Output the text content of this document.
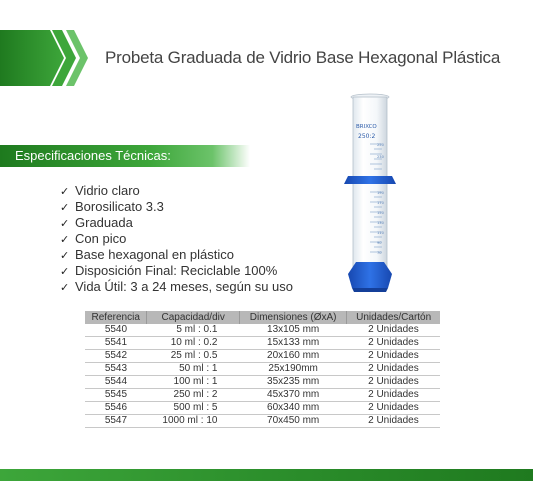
Probeta Graduada de Vidrio Base Hexagonal Plástica
Especificaciones Técnicas:
✓ Vidrio claro
✓ Borosilicato 3.3
✓ Graduada
✓ Con pico
✓ Base hexagonal en plástico
✓ Disposición Final: Reciclable 100%
✓ Vida Útil: 3 a 24 meses, según su uso
BRIXCO
250:2
250
230
190
170
150
130
110
90
70
Referencia	Capacidad/div	Dimensiones (ØxA)	Unidades/Cartón
5540	5 ml : 0.1	13x105 mm	2 Unidades
5541	10 ml : 0.2	15x133 mm	2 Unidades
5542	25 ml : 0.5	20x160 mm	2 Unidades
5543	50 ml : 1	25x190mm	2 Unidades
5544	100 ml : 1	35x235 mm	2 Unidades
5545	250 ml : 2	45x370 mm	2 Unidades
5546	500 ml : 5	60x340 mm	2 Unidades
5547	1000 ml : 10	70x450 mm	2 Unidades
